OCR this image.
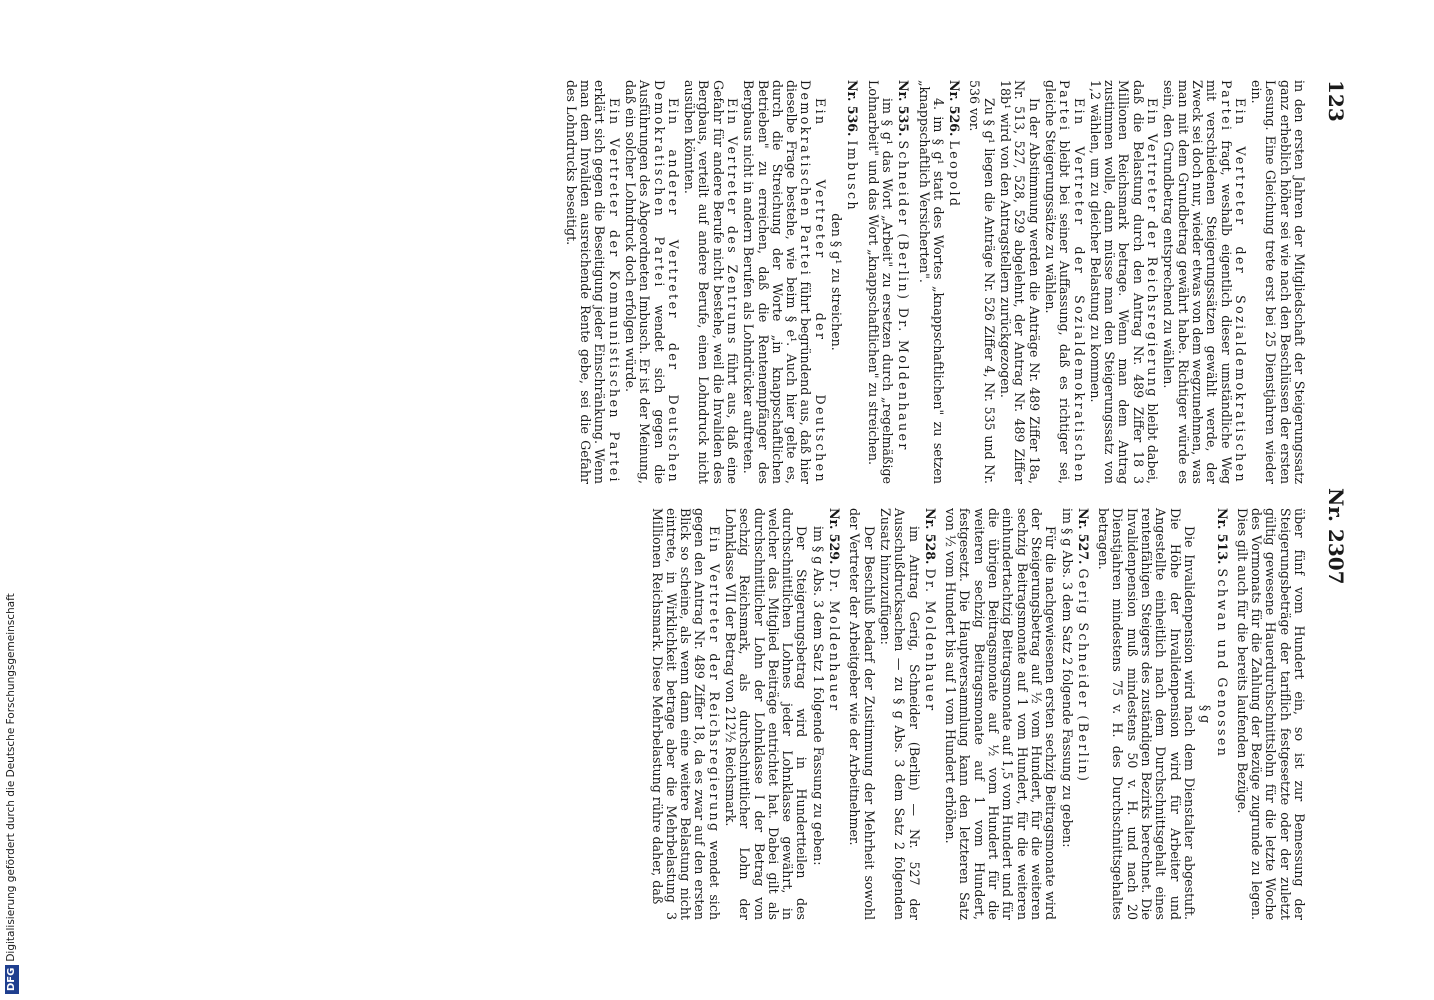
123
Nr. 2307

in den ersten Jahren der Mitgliedschaft der Steigerungssatz ganz erheblich höher sei wie nach den Beschlüssen der ersten Lesung. Eine Gleichung trete erst bei 25 Dienstjahren wieder ein.

Ein Vertreter der Sozialdemokratischen Partei fragt, weshalb eigentlich dieser umständliche Weg mit verschiedenen Steigerungssätzen gewählt werde, der Zweck sei doch nur, wieder etwas von dem wegzunehmen, was man mit dem Grundbetrag gewährt habe. Richtiger würde es sein, den Grundbetrag entsprechend zu wählen.

Ein Vertreter der Reichsregierung bleibt dabei, daß die Belastung durch den Antrag Nr. 489 Ziffer 18 3 Millionen Reichsmark betrage. Wenn man dem Antrag zustimmen wolle, dann müsse man den Steigerungssatz von 1,2 wählen, um zu gleicher Belastung zu kommen.

Ein Vertreter der Sozialdemokratischen Partei bleibt bei seiner Auffassung, daß es richtiger sei, gleiche Steigerungssätze zu wählen.

In der Abstimmung werden die Anträge Nr. 489 Ziffer 18a, Nr. 513, 527, 528, 529 abgelehnt, der Antrag Nr. 489 Ziffer 18b¹ wird von den Antragstellern zurückgezogen.

Zu § g¹ liegen die Anträge Nr. 526 Ziffer 4, Nr. 535 und Nr. 536 vor.

Nr. 526. Leopold

4. im § g¹ statt des Wortes „knappschaftlichen" zu setzen „knappschaftlich Versicherten".

Nr. 535. Schneider (Berlin) Dr. Moldenhauer

im § g¹ das Wort „Arbeit" zu ersetzen durch „regelmäßige Lohnarbeit" und das Wort „knappschaftlichen" zu streichen.

Nr. 536. Imbusch

den § g¹ zu streichen.

Ein Vertreter der Deutschen Demokratischen Partei führt begründend aus, daß hier dieselbe Frage bestehe, wie beim § e¹. Auch hier gelte es, durch die Streichung der Worte „in knappschaftlichen Betrieben" zu erreichen, daß die Rentenempfänger des Bergbaus nicht in andern Berufen als Lohndrücker auftreten.

Ein Vertreter des Zentrums führt aus, daß eine Gefahr für andere Berufe nicht bestehe, weil die Invaliden des Bergbaus, verteilt auf andere Berufe, einen Lohndruck nicht ausüben könnten.

Ein anderer Vertreter der Deutschen Demokratischen Partei wendet sich gegen die Ausführungen des Abgeordneten Imbusch. Er ist der Meinung, daß ein solcher Lohndruck doch erfolgen würde.

Ein Vertreter der Kommunistischen Partei erklärt sich gegen die Beseitigung jeder Einschränkung. Wenn man dem Invaliden ausreichende Rente gebe, sei die Gefahr des Lohndrucks beseitigt.

über fünf vom Hundert ein, so ist zur Bemessung der Steigerungsbeträge der tariflich festgesetzte oder der zuletzt gültig gewesene Hauerdurchschnittslohn für die letzte Woche des Vormonats für die Zahlung der Bezüge zugrunde zu legen. Dies gilt auch für die bereits laufenden Bezüge.

Nr. 513. Schwan und Genossen

§ g

Die Invalidenpension wird nach dem Dienstalter abgestuft. Die Höhe der Invalidenpension wird für Arbeiter und Angestellte einheitlich nach dem Durchschnittsgehalt eines rentenfähigen Steigers des zuständigen Bezirks berechnet. Die Invalidenpension muß mindestens 50 v. H. und nach 20 Dienstjahren mindestens 75 v. H. des Durchschnittsgehaltes betragen.

Nr. 527. Gerig Schneider (Berlin)

im § g Abs. 3 dem Satz 2 folgende Fassung zu geben:

Für die nachgewiesenen ersten sechzig Beitragsmonate wird der Steigerungsbetrag auf ½ vom Hundert, für die weiteren sechzig Beitragsmonate auf 1 vom Hundert, für die weiteren einhundertachtzig Beitragsmonate auf 1,5 vom Hundert und für die übrigen Beitragsmonate auf ½ vom Hundert für die weiteren sechzig Beitragsmonate auf 1 vom Hundert, festgesetzt. Die Hauptversammlung kann den letzteren Satz von ½ vom Hundert bis auf 1 vom Hundert erhöhen.

Nr. 528. Dr. Moldenhauer

im Antrag Gerig, Schneider (Berlin) — Nr. 527 der Ausschußdrucksachen — zu § g Abs. 3 dem Satz 2 folgenden Zusatz hinzuzufügen:

Der Beschluß bedarf der Zustimmung der Mehrheit sowohl der Vertreter der Arbeitgeber wie der Arbeitnehmer.

Nr. 529. Dr. Moldenhauer

im § g Abs. 3 dem Satz 1 folgende Fassung zu geben:

Der Steigerungsbetrag wird in Hundertteilen des durchschnittlichen Lohnes jeder Lohnklasse gewährt, in welcher das Mitglied Beiträge entrichtet hat. Dabei gilt als durchschnittlicher Lohn der Lohnklasse I der Betrag von sechzig Reichsmark, als durchschnittlicher Lohn der Lohnklasse VII der Betrag von 212½ Reichsmark.

Ein Vertreter der Reichsregierung wendet sich gegen den Antrag Nr. 489 Ziffer 18, da es zwar auf den ersten Blick so scheine, als wenn dann eine weitere Belastung nicht eintrete, in Wirklichkeit betrage aber die Mehrbelastung 3 Millionen Reichsmark. Diese Mehrbelastung rühre daher, daß

DFGDigitalisierung gefördert durch die Deutsche Forschungsgemeinschaft
